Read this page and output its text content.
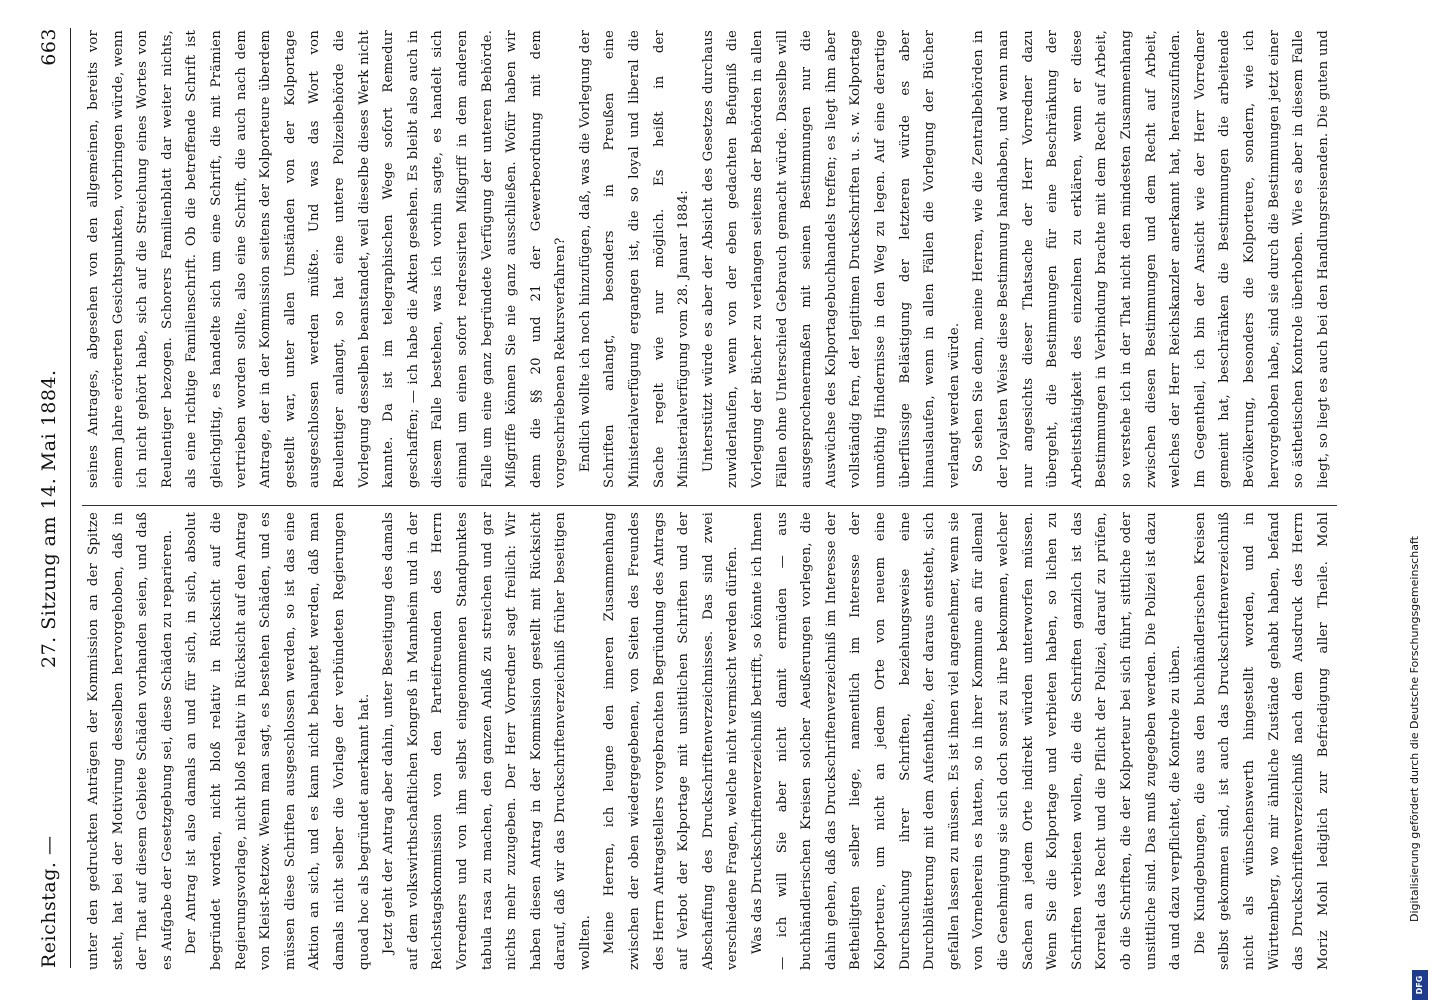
Reichstag. —
27. Sitzung am 14. Mai 1884.
663

unter den gedruckten Anträgen der Kommission an der Spitze steht, hat bei der Motivirung desselben hervorgehoben, daß in der That auf diesem Gebiete Schäden vorhanden seien, und daß es Aufgabe der Gesetzgebung sei, diese Schäden zu reparieren. Der Antrag ist also damals an und für sich, in sich, absolut begründet worden, nicht bloß relativ in Rücksicht auf die Regierungsvorlage, nicht bloß relativ in Rücksicht auf den Antrag von Kleist-Retzow. Wenn man sagt, es bestehen Schäden, und es müssen diese Schriften ausgeschlossen werden, so ist das eine Aktion an sich, und es kann nicht behauptet werden, daß man damals nicht selber die Vorlage der verbündeten Regierungen quoad hoc als begründet anerkannt hat. Jetzt geht der Antrag aber dahin, unter Beseitigung des damals auf dem volkswirthschaftlichen Kongreß in Mannheim und in der Reichstagskommission von den Parteifreunden des Herrn Vorredners und von ihm selbst eingenommenen Standpunktes tabula rasa zu machen, den ganzen Anlaß zu streichen und gar nichts mehr zuzugeben. Der Herr Vorredner sagt freilich: Wir haben diesen Antrag in der Kommission gestellt mit Rücksicht darauf, daß wir das Druckschriftenverzeichniß früher beseitigen wollten. Meine Herren, ich leugne den inneren Zusammenhang zwischen der oben wiedergegebenen, von Seiten des Freundes des Herrn Antragstellers vorgebrachten Begründung des Antrags auf Verbot der Kolportage mit unsittlichen Schriften und der Abschaffung des Druckschriftenverzeichnisses. Das sind zwei verschiedene Fragen, welche nicht vermischt werden dürfen. Was das Druckschriftenverzeichniß betrifft, so könnte ich Ihnen — ich will Sie aber nicht damit ermüden — aus buchhändlerischen Kreisen solcher Aeußerungen vorlegen, die dahin gehen, daß das Druckschriftenverzeichniß im Interesse der Betheiligten selber liege, namentlich im Interesse der Kolporteure, um nicht an jedem Orte von neuem eine Durchsuchung ihrer Schriften, beziehungsweise eine Durchblätterung mit dem Aufenthalte, der daraus entsteht, sich gefallen lassen zu müssen. Es ist ihnen viel angenehmer, wenn sie von Vorneherein es hatten, so in ihrer Kommune an für allemal die Genehmigung sie sich doch sonst zu ihre bekommen, welcher Sachen an jedem Orte indirekt würden unterworfen müssen. Wenn Sie die Kolportage und verbieten haben, so lichen zu Schriften verbieten wollen, die die Schriften ganzlich ist das Korrelat das Recht und die Pflicht der Polizei, darauf zu prüfen, ob die Schriften, die der Kolporteur bei sich führt, sittliche oder unsittliche sind. Das muß zugegeben werden. Die Polizei ist dazu da und dazu verpflichtet, die Kontrole zu üben. Die Kundgebungen, die aus den buchhändlerischen Kreisen selbst gekommen sind, ist auch das Druckschriftenverzeichniß nicht als wünschenswerth hingestellt worden, und in Württemberg, wo mir ähnliche Zustände gehabt haben, befand das Druckschriftenverzeichniß nach dem Ausdruck des Herrn Moriz Mohl lediglich zur Befriedigung aller Theile. Mohl

seines Antrages, abgesehen von den allgemeinen, bereits vor einem Jahre erörterten Gesichtspunkten, vorbringen würde, wenn ich nicht gehört habe, sich auf die Streichung eines Wortes von Reulentiger bezogen. Schorers Familienblatt dar weiter nichts, als eine richtige Familienschrift. Ob die betreffende Schrift ist gleichgiltig, es handelte sich um eine Schrift, die mit Prämien vertrieben worden sollte, also eine Schrift, die auch nach dem Antrage, der in der Kommission seitens der Kolporteure überdem gestellt war, unter allen Umständen von der Kolportage ausgeschlossen werden müßte. Und was das Wort von Reulentiger anlangt, so hat eine untere Polizeibehörde die Vorlegung desselben beanstandet, weil dieselbe dieses Werk nicht kannte. Da ist im telegraphischen Wege sofort Remedur geschaffen; — ich habe die Akten gesehen. Es bleibt also auch in diesem Falle bestehen, was ich vorhin sagte, es handelt sich einmal um einen sofort redressirten Mißgriff in dem anderen Falle um eine ganz begründete Verfügung der unteren Behörde. Mißgriffe können Sie nie ganz ausschließen. Wofür haben wir denn die §§ 20 und 21 der Gewerbeordnung mit dem vorgeschriebenen Rekursverfahren? Endlich wollte ich noch hinzufügen, daß, was die Vorlegung der Schriften anlangt, besonders in Preußen eine Ministerialverfügung ergangen ist, die so loyal und liberal die Sache regelt wie nur möglich. Es heißt in der Ministerialverfügung vom 28. Januar 1884: Unterstützt würde es aber der Absicht des Gesetzes durchaus zuwiderlaufen, wenn von der eben gedachten Befugniß die Vorlegung der Bücher zu verlangen seitens der Behörden in allen Fällen ohne Unterschied Gebrauch gemacht würde. Dasselbe will ausgesprochenermaßen mit seinen Bestimmungen nur die Auswüchse des Kolportagebuchhandels treffen; es liegt ihm aber vollständig fern, der legitimen Druckschriften u. s. w. Kolportage unnöthig Hindernisse in den Weg zu legen. Auf eine derartige überflüssige Belästigung der letzteren würde es aber hinauslaufen, wenn in allen Fällen die Vorlegung der Bücher verlangt werden würde. So sehen Sie denn, meine Herren, wie die Zentralbehörden in der loyalsten Weise diese Bestimmung handhaben, und wenn man nur angesichts dieser Thatsache der Herr Vorredner dazu übergeht, die Bestimmungen für eine Beschränkung der Arbeitsthätigkeit des einzelnen zu erklären, wenn er diese Bestimmungen in Verbindung brachte mit dem Recht auf Arbeit, so verstehe ich in der That nicht den mindesten Zusammenhang zwischen diesen Bestimmungen und dem Recht auf Arbeit, welches der Herr Reichskanzler anerkannt hat, herauszufinden. Im Gegentheil, ich bin der Ansicht wie der Herr Vorredner gemeint hat, beschränken die Bestimmungen die arbeitende Bevölkerung, besonders die Kolporteure, sondern, wie ich hervorgehoben habe, sind sie durch die Bestimmungen jetzt einer so ästhetischen Kontrole überhoben. Wie es aber in diesem Falle liegt, so liegt es auch bei den Handlungsreisenden. Die guten und

Digitalisierung gefördert durch die Deutsche Forschungsgemeinschaft
DFG
